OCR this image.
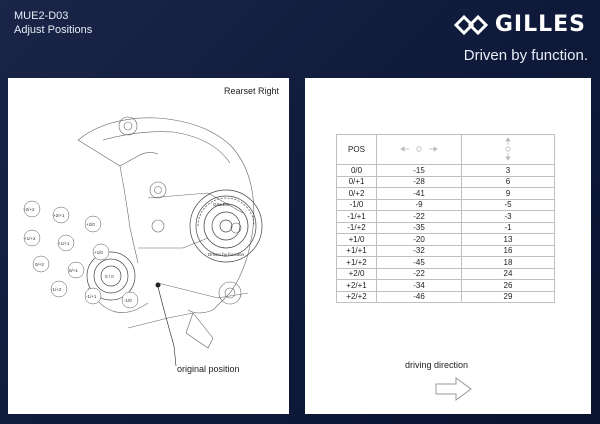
MUE2-D03
Adjust Positions	GILLES
Driven by function.
Rearset Right
GILLES
Driven by function
0 / 0
+2/+2
+2/+1
+2/0
+1/+2
+1/+1
+1/0
0/+2
0/+1
-1/+2
-1/+1
-1/0
original position
POS		
0/0	-15	3
0/+1	-28	6
0/+2	-41	9
-1/0	-9	-5
-1/+1	-22	-3
-1/+2	-35	-1
+1/0	-20	13
+1/+1	-32	16
+1/+2	-45	18
+2/0	-22	24
+2/+1	-34	26
+2/+2	-46	29
driving direction
